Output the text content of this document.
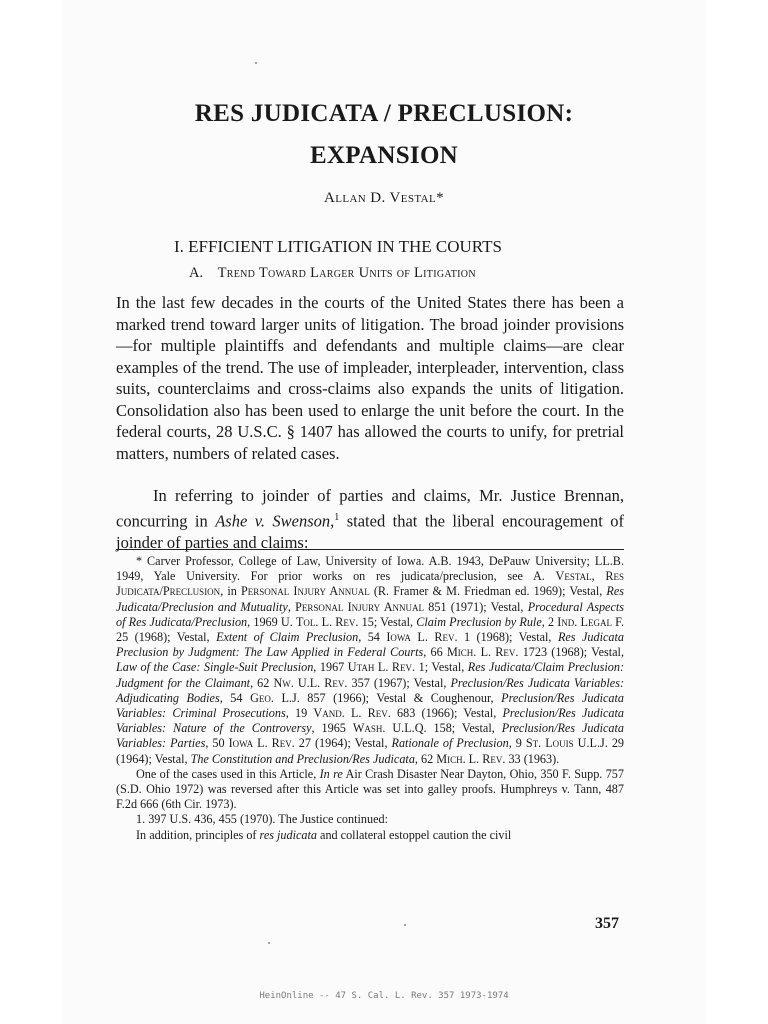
RES JUDICATA / PRECLUSION:
EXPANSION
Allan D. Vestal*
I. EFFICIENT LITIGATION IN THE COURTS
A. Trend Toward Larger Units of Litigation

In the last few decades in the courts of the United States there has been a marked trend toward larger units of litigation. The broad joinder provisions—for multiple plaintiffs and defendants and multiple claims—are clear examples of the trend. The use of impleader, interpleader, intervention, class suits, counterclaims and cross-claims also expands the units of litigation. Consolidation also has been used to enlarge the unit before the court. In the federal courts, 28 U.S.C. § 1407 has allowed the courts to unify, for pretrial matters, numbers of related cases.

In referring to joinder of parties and claims, Mr. Justice Brennan, concurring in Ashe v. Swenson,$^1$ stated that the liberal encouragement of joinder of parties and claims:

* Carver Professor, College of Law, University of Iowa. A.B. 1943, DePauw University; LL.B. 1949, Yale University. For prior works on res judicata/preclusion, see A. Vestal, Res Judicata/Preclusion, in Personal Injury Annual (R. Framer & M. Friedman ed. 1969); Vestal, Res Judicata/Preclusion and Mutuality, Personal Injury Annual 851 (1971); Vestal, Procedural Aspects of Res Judicata/Preclusion, 1969 U. Tol. L. Rev. 15; Vestal, Claim Preclusion by Rule, 2 Ind. Legal F. 25 (1968); Vestal, Extent of Claim Preclusion, 54 Iowa L. Rev. 1 (1968); Vestal, Res Judicata Preclusion by Judgment: The Law Applied in Federal Courts, 66 Mich. L. Rev. 1723 (1968); Vestal, Law of the Case: Single-Suit Preclusion, 1967 Utah L. Rev. 1; Vestal, Res Judicata/Claim Preclusion: Judgment for the Claimant, 62 Nw. U.L. Rev. 357 (1967); Vestal, Preclusion/Res Judicata Variables: Adjudicating Bodies, 54 Geo. L.J. 857 (1966); Vestal & Coughenour, Preclusion/Res Judicata Variables: Criminal Prosecutions, 19 Vand. L. Rev. 683 (1966); Vestal, Preclusion/Res Judicata Variables: Nature of the Controversy, 1965 Wash. U.L.Q. 158; Vestal, Preclusion/Res Judicata Variables: Parties, 50 Iowa L. Rev. 27 (1964); Vestal, Rationale of Preclusion, 9 St. Louis U.L.J. 29 (1964); Vestal, The Constitution and Preclusion/Res Judicata, 62 Mich. L. Rev. 33 (1963).

One of the cases used in this Article, In re Air Crash Disaster Near Dayton, Ohio, 350 F. Supp. 757 (S.D. Ohio 1972) was reversed after this Article was set into galley proofs. Humphreys v. Tann, 487 F.2d 666 (6th Cir. 1973).

1. 397 U.S. 436, 455 (1970). The Justice continued:

In addition, principles of res judicata and collateral estoppel caution the civil

357
HeinOnline -- 47 S. Cal. L. Rev. 357 1973-1974
